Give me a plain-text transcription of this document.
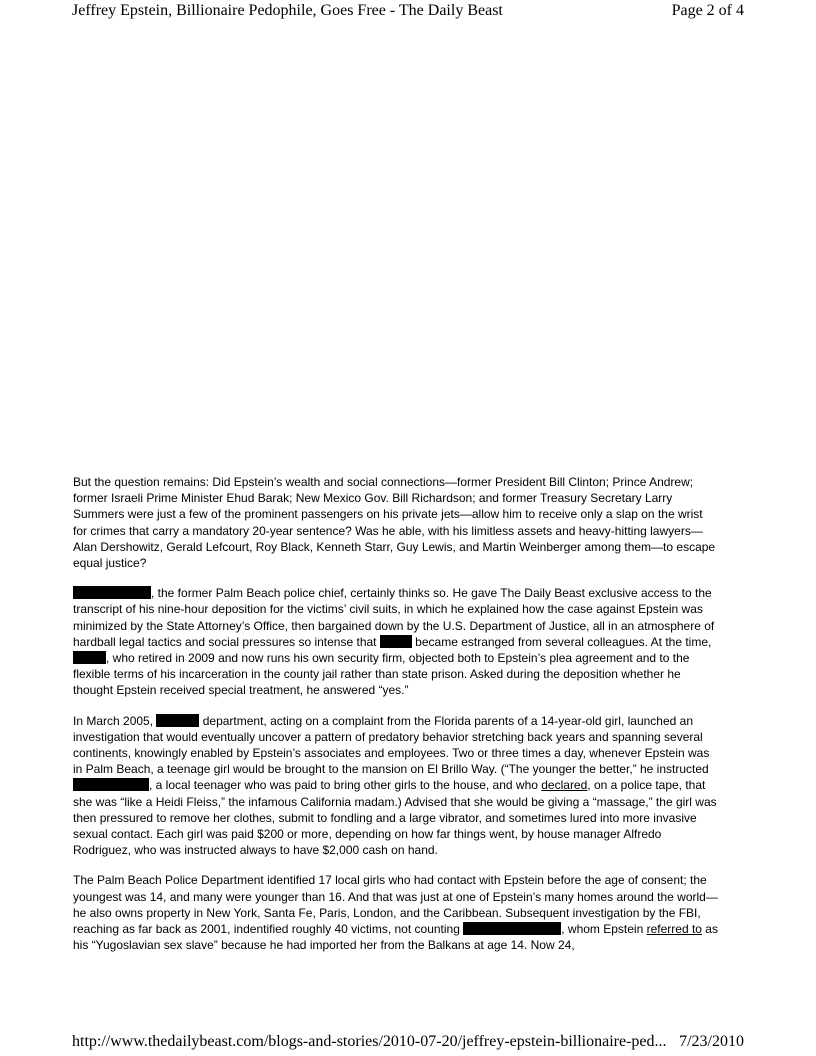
Jeffrey Epstein, Billionaire Pedophile, Goes Free - The Daily Beast	Page 2 of 4

But the question remains: Did Epstein’s wealth and social connections—former President Bill Clinton; Prince Andrew; former Israeli Prime Minister Ehud Barak; New Mexico Gov. Bill Richardson; and former Treasury Secretary Larry Summers were just a few of the prominent passengers on his private jets—allow him to receive only a slap on the wrist for crimes that carry a mandatory 20-year sentence? Was he able, with his limitless assets and heavy-hitting lawyers—Alan Dershowitz, Gerald Lefcourt, Roy Black, Kenneth Starr, Guy Lewis, and Martin Weinberger among them—to escape equal justice?

, the former Palm Beach police chief, certainly thinks so. He gave The Daily Beast exclusive access to the transcript of his nine-hour deposition for the victims’ civil suits, in which he explained how the case against Epstein was minimized by the State Attorney’s Office, then bargained down by the U.S. Department of Justice, all in an atmosphere of hardball legal tactics and social pressures so intense that	became estranged from several colleagues. At the time, , who retired in 2009 and now runs his own security firm, objected both to Epstein’s plea agreement and to the flexible terms of his incarceration in the county jail rather than state prison. Asked during the deposition whether he thought Epstein received special treatment, he answered “yes.”

In March 2005,	department, acting on a complaint from the Florida parents of a 14-year-old girl, launched an investigation that would eventually uncover a pattern of predatory behavior stretching back years and spanning several continents, knowingly enabled by Epstein’s associates and employees. Two or three times a day, whenever Epstein was in Palm Beach, a teenage girl would be brought to the mansion on El Brillo Way. (“The younger the better,” he instructed , a local teenager who was paid to bring other girls to the house, and who declared, on a police tape, that she was “like a Heidi Fleiss,” the infamous California madam.) Advised that she would be giving a “massage,” the girl was then pressured to remove her clothes, submit to fondling and a large vibrator, and sometimes lured into more invasive sexual contact. Each girl was paid $200 or more, depending on how far things went, by house manager Alfredo Rodriguez, who was instructed always to have $2,000 cash on hand.

The Palm Beach Police Department identified 17 local girls who had contact with Epstein before the age of consent; the youngest was 14, and many were younger than 16. And that was just at one of Epstein’s many homes around the world—he also owns property in New York, Santa Fe, Paris, London, and the Caribbean. Subsequent investigation by the FBI, reaching as far back as 2001, indentified roughly 40 victims, not counting	, whom Epstein referred to as his “Yugoslavian sex slave” because he had imported her from the Balkans at age 14. Now 24,

http://www.thedailybeast.com/blogs-and-stories/2010-07-20/jeffrey-epstein-billionaire-ped... 7/23/2010
